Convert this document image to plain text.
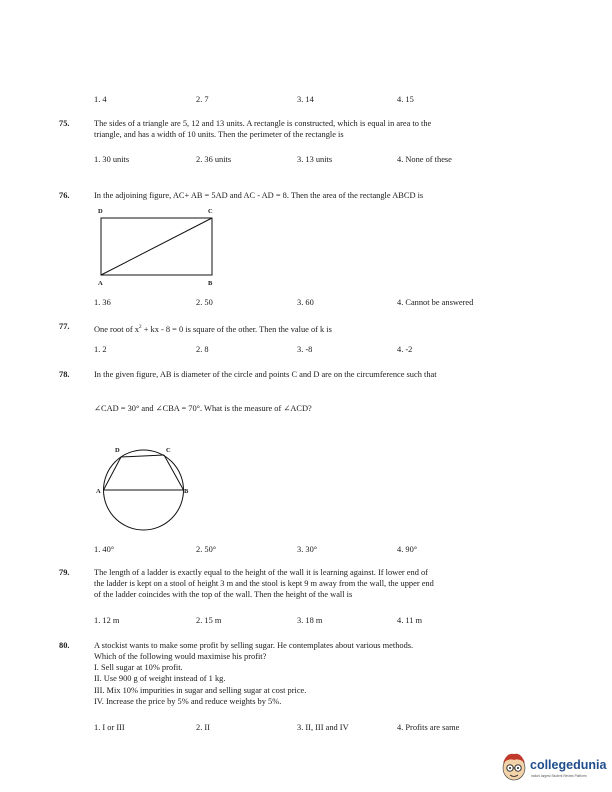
1. 4	2. 7	3. 14	4. 15
75.	The sides of a triangle are 5, 12 and 13 units. A rectangle is constructed, which is equal in area to the
triangle, and has a width of 10 units. Then the perimeter of the rectangle is
1. 30 units	2. 36 units	3. 13 units	4. None of these
76.	In the adjoining figure, AC+ AB = 5AD and AC - AD = 8. Then the area of the rectangle ABCD is
D	C
A	B
1. 36	2. 50	3. 60	4. Cannot be answered
77.	One root of $x^2$ + kx - 8 = 0 is square of the other. Then the value of k is
1. 2	2. 8	3. -8	4. -2
78.	In the given figure, AB is diameter of the circle and points C and D are on the circumference such that
∠CAD = 30° and ∠CBA = 70°. What is the measure of ∠ACD?
D	C
A	B
1. 40°	2. 50°	3. 30°	4. 90°
79.	The length of a ladder is exactly equal to the height of the wall it is learning against. If lower end of
the ladder is kept on a stool of height 3 m and the stool is kept 9 m away from the wall, the upper end
of the ladder coincides with the top of the wall. Then the height of the wall is
1. 12 m	2. 15 m	3. 18 m	4. 11 m
80.	A stockist wants to make some profit by selling sugar. He contemplates about various methods.
Which of the following would maximise his profit?
I. Sell sugar at 10% profit.
II. Use 900 g of weight instead of 1 kg.
III. Mix 10% impurities in sugar and selling sugar at cost price.
IV. Increase the price by 5% and reduce weights by 5%.
1. I or III	2. II	3. II, III and IV	4. Profits are same
collegedunia
India's largest Student Review Platform
